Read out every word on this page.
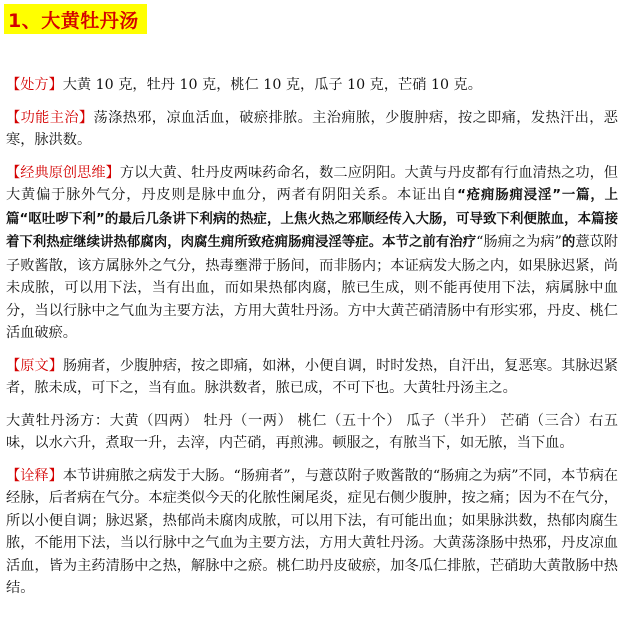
1、大黄牡丹汤

【处方】大黄 10 克，牡丹 10 克，桃仁 10 克，瓜子 10 克，芒硝 10 克。

【功能主治】荡涤热邪，凉血活血，破瘀排脓。主治痈脓，少腹肿痞，按之即痛，发热汗出，恶寒，脉洪数。

【经典原创思维】方以大黄、牡丹皮两味药命名，数二应阴阳。大黄与丹皮都有行血清热之功，但大黄偏于脉外气分，丹皮则是脉中血分，两者有阴阳关系。本证出自“疮痈肠痈浸淫”一篇，上篇“呕吐哕下利”的最后几条讲下利病的热症，上焦火热之邪顺经传入大肠，可导致下利便脓血，本篇接着下利热症继续讲热郁腐肉，肉腐生痈所致疮痈肠痈浸淫等症。本节之前有治疗“肠痈之为病”的薏苡附子败酱散，该方属脉外之气分，热毒壅滞于肠间，而非肠内；本证病发大肠之内，如果脉迟紧，尚未成脓，可以用下法，当有出血，而如果热郁肉腐，脓已生成，则不能再使用下法，病属脉中血分，当以行脉中之气血为主要方法，方用大黄牡丹汤。方中大黄芒硝清肠中有形实邪，丹皮、桃仁活血破瘀。

【原文】肠痈者，少腹肿痞，按之即痛，如淋，小便自调，时时发热，自汗出，复恶寒。其脉迟紧者，脓未成，可下之，当有血。脉洪数者，脓已成，不可下也。大黄牡丹汤主之。

大黄牡丹汤方：大黄（四两） 牡丹（一两） 桃仁（五十个） 瓜子（半升） 芒硝（三合）右五味，以水六升，煮取一升，去滓，内芒硝，再煎沸。顿服之，有脓当下，如无脓，当下血。

【诠释】本节讲痈脓之病发于大肠。“肠痈者”，与薏苡附子败酱散的“肠痈之为病”不同，本节病在经脉，后者病在气分。本症类似今天的化脓性阑尾炎，症见右侧少腹肿，按之痛；因为不在气分，所以小便自调；脉迟紧，热郁尚未腐肉成脓，可以用下法，有可能出血；如果脉洪数，热郁肉腐生脓，不能用下法，当以行脉中之气血为主要方法，方用大黄牡丹汤。大黄荡涤肠中热邪，丹皮凉血活血，皆为主药清肠中之热，解脉中之瘀。桃仁助丹皮破瘀，加冬瓜仁排脓，芒硝助大黄散肠中热结。
